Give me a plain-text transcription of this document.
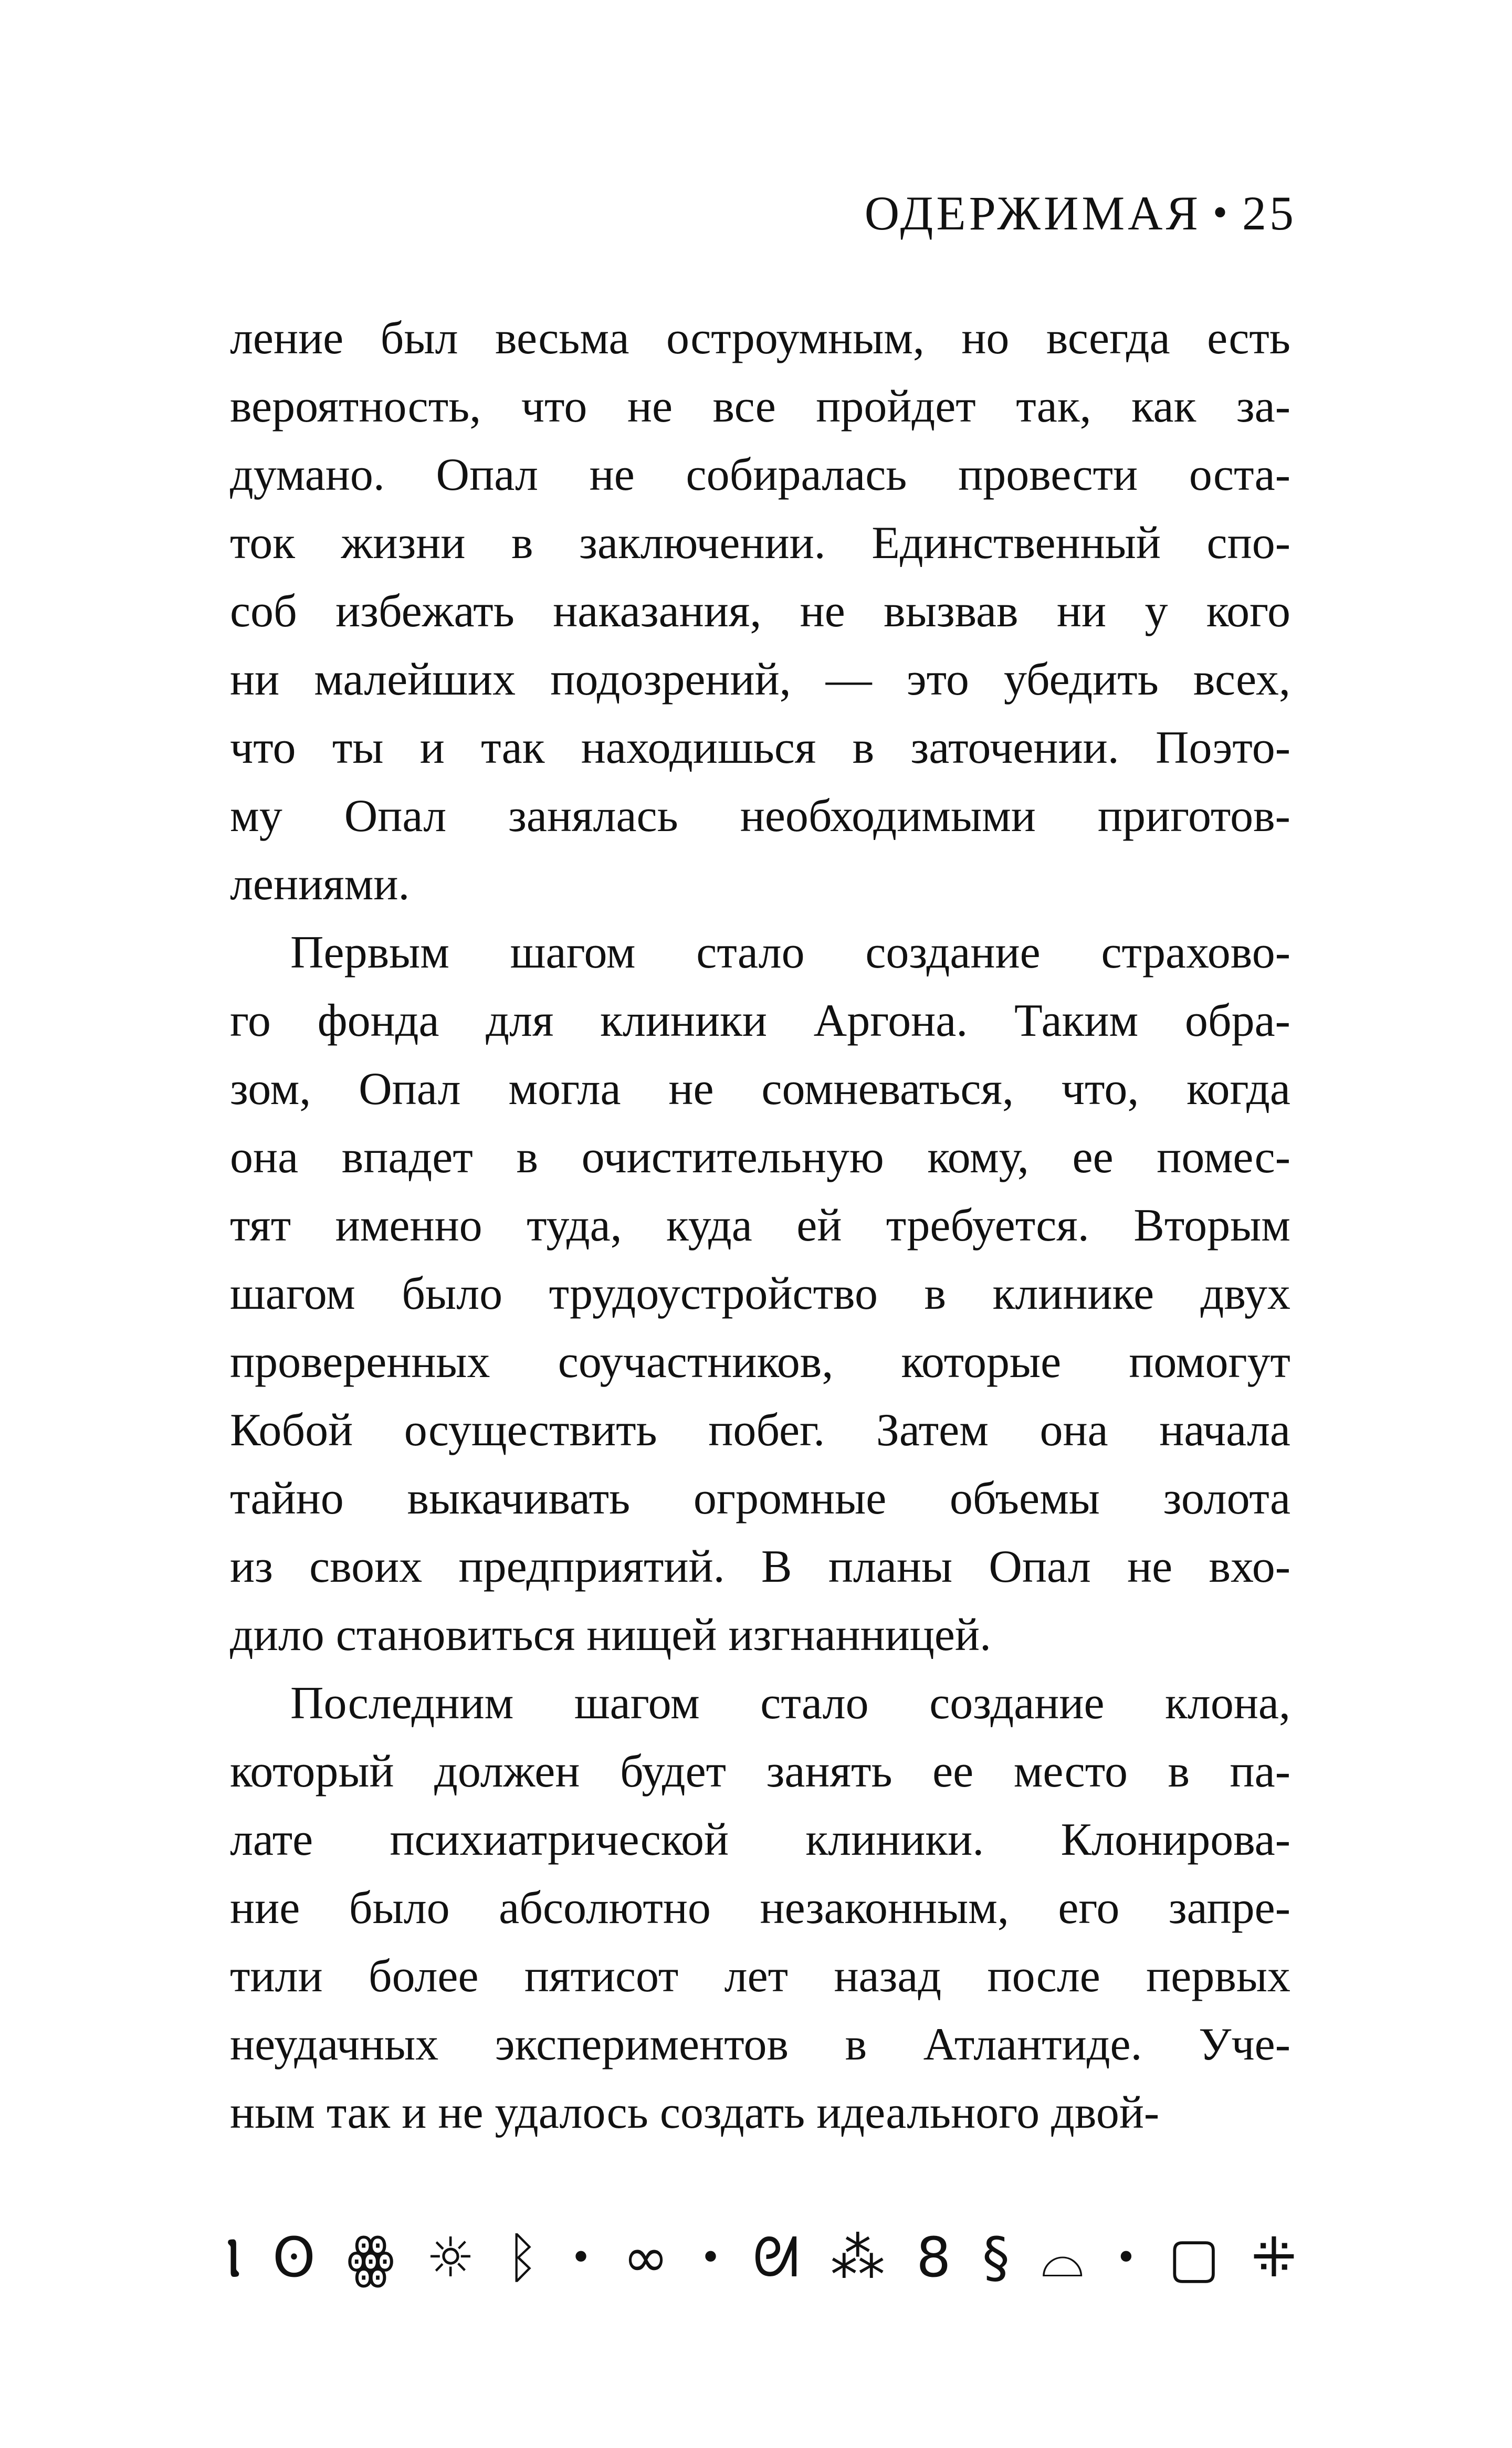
ОДЕРЖИМАЯ • 25
ление был весьма остроумным, но всегда есть
вероятность, что не все пройдет так, как за-
думано. Опал не собиралась провести оста-
ток жизни в заключении. Единственный спо-
соб избежать наказания, не вызвав ни у кого
ни малейших подозрений, — это убедить всех,
что ты и так находишься в заточении. Поэто-
му Опал занялась необходимыми приготов-
лениями.
Первым шагом стало создание страхово-
го фонда для клиники Аргона. Таким обра-
зом, Опал могла не сомневаться, что, когда
она впадет в очистительную кому, ее помес-
тят именно туда, куда ей требуется. Вторым
шагом было трудоустройство в клинике двух
проверенных соучастников, которые помогут
Кобой осуществить побег. Затем она начала
тайно выкачивать огромные объемы золота
из своих предприятий. В планы Опал не вхо-
дило становиться нищей изгнанницей.
Последним шагом стало создание клона,
который должен будет занять ее место в па-
лате психиатрической клиники. Клонирова-
ние было абсолютно незаконным, его запре-
тили более пятисот лет назад после первых
неудачных экспериментов в Атлантиде. Уче-
ным так и не удалось создать идеального двой-
Ⲓ ʘ ꙮ ☼ ᛒ • ∞ • ᘛ ⁂ 8 § ⌓ • ▢ ⁜
